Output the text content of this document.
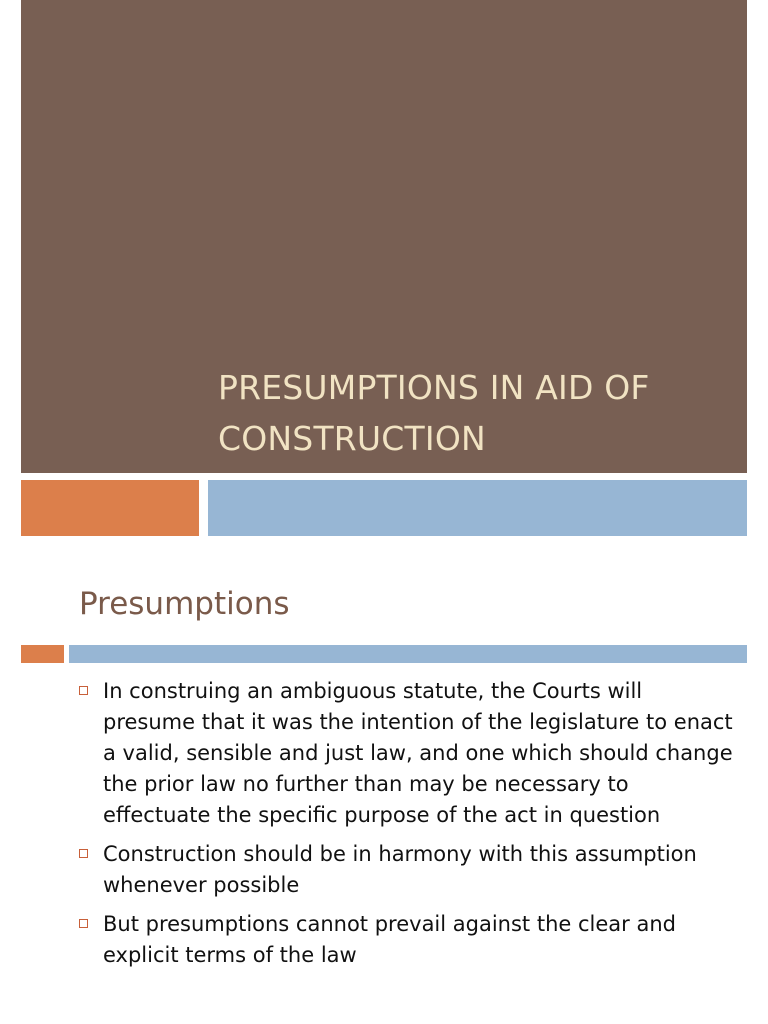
PRESUMPTIONS IN AID OF CONSTRUCTION
Presumptions
In construing an ambiguous statute, the Courts will presume that it was the intention of the legislature to enact a valid, sensible and just law, and one which should change the prior law no further than may be necessary to effectuate the specific purpose of the act in question
Construction should be in harmony with this assumption whenever possible
But presumptions cannot prevail against the clear and explicit terms of the law
